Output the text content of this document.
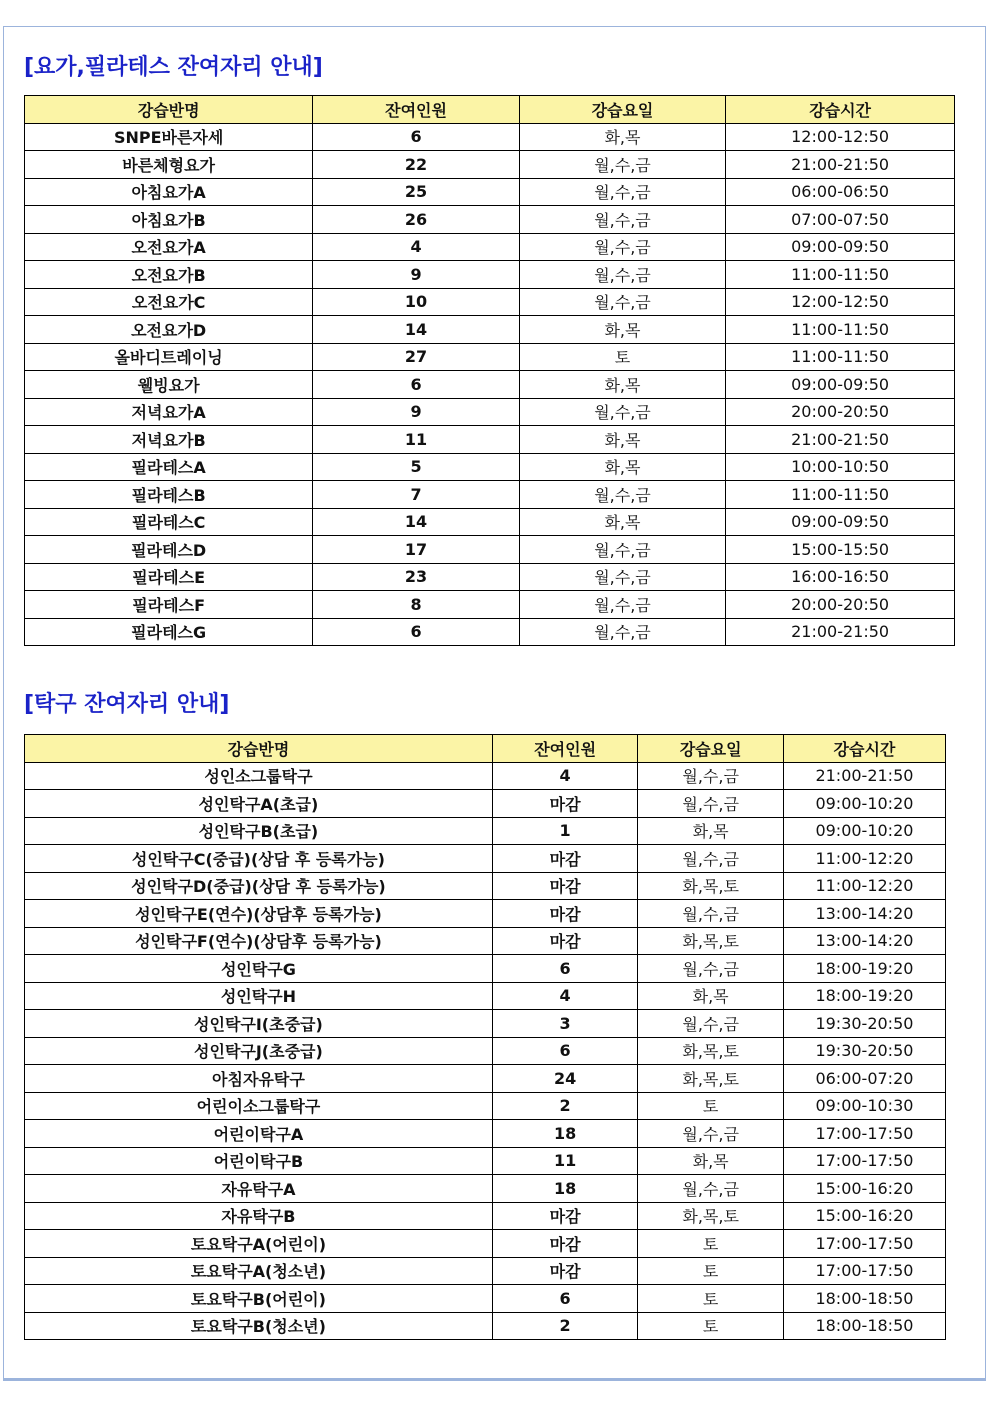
[요가,필라테스 잔여자리 안내]
강습반명	잔여인원	강습요일	강습시간
SNPE바른자세	6	화,목	12:00-12:50
바른체형요가	22	월,수,금	21:00-21:50
아침요가A	25	월,수,금	06:00-06:50
아침요가B	26	월,수,금	07:00-07:50
오전요가A	4	월,수,금	09:00-09:50
오전요가B	9	월,수,금	11:00-11:50
오전요가C	10	월,수,금	12:00-12:50
오전요가D	14	화,목	11:00-11:50
올바디트레이닝	27	토	11:00-11:50
웰빙요가	6	화,목	09:00-09:50
저녁요가A	9	월,수,금	20:00-20:50
저녁요가B	11	화,목	21:00-21:50
필라테스A	5	화,목	10:00-10:50
필라테스B	7	월,수,금	11:00-11:50
필라테스C	14	화,목	09:00-09:50
필라테스D	17	월,수,금	15:00-15:50
필라테스E	23	월,수,금	16:00-16:50
필라테스F	8	월,수,금	20:00-20:50
필라테스G	6	월,수,금	21:00-21:50
[탁구 잔여자리 안내]
강습반명	잔여인원	강습요일	강습시간
성인소그룹탁구	4	월,수,금	21:00-21:50
성인탁구A(초급)	마감	월,수,금	09:00-10:20
성인탁구B(초급)	1	화,목	09:00-10:20
성인탁구C(중급)(상담 후 등록가능)	마감	월,수,금	11:00-12:20
성인탁구D(중급)(상담 후 등록가능)	마감	화,목,토	11:00-12:20
성인탁구E(연수)(상담후 등록가능)	마감	월,수,금	13:00-14:20
성인탁구F(연수)(상담후 등록가능)	마감	화,목,토	13:00-14:20
성인탁구G	6	월,수,금	18:00-19:20
성인탁구H	4	화,목	18:00-19:20
성인탁구I(초중급)	3	월,수,금	19:30-20:50
성인탁구J(초중급)	6	화,목,토	19:30-20:50
아침자유탁구	24	화,목,토	06:00-07:20
어린이소그룹탁구	2	토	09:00-10:30
어린이탁구A	18	월,수,금	17:00-17:50
어린이탁구B	11	화,목	17:00-17:50
자유탁구A	18	월,수,금	15:00-16:20
자유탁구B	마감	화,목,토	15:00-16:20
토요탁구A(어린이)	마감	토	17:00-17:50
토요탁구A(청소년)	마감	토	17:00-17:50
토요탁구B(어린이)	6	토	18:00-18:50
토요탁구B(청소년)	2	토	18:00-18:50
